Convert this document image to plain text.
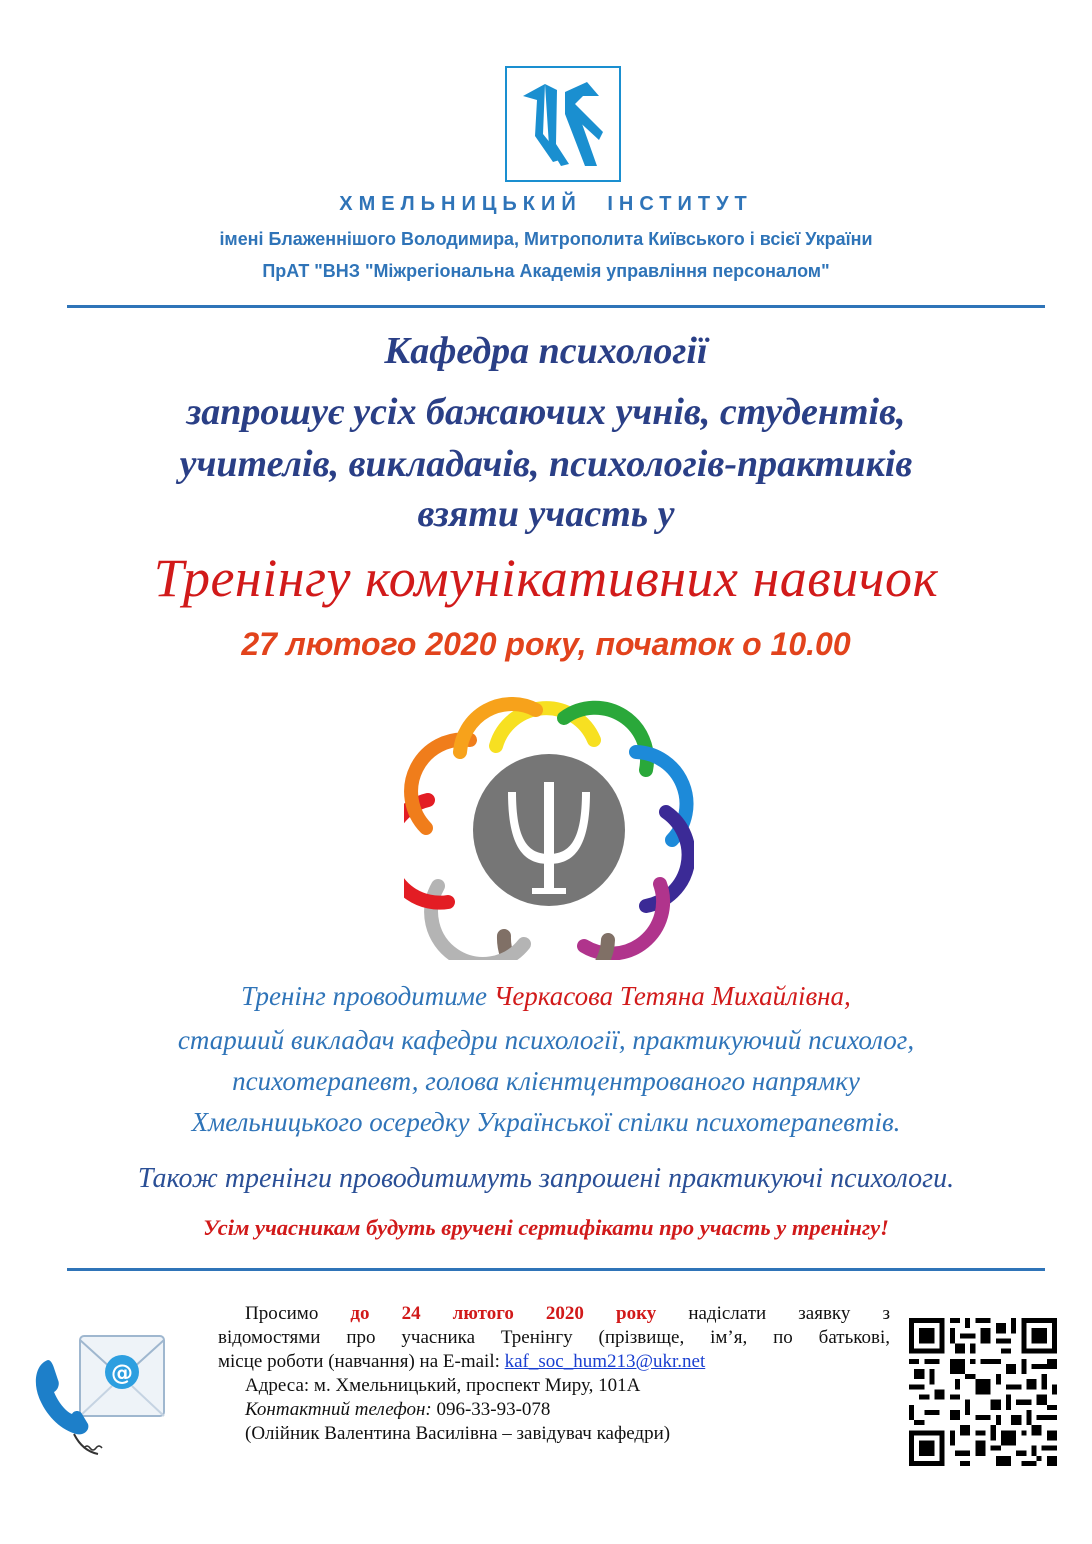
ХМЕЛЬНИЦЬКИЙ ІНСТИТУТ
імені Блаженнішого Володимира, Митрополита Київського і всієї України
ПрАТ "ВНЗ "Міжрегіональна Академія управління персоналом"
Кафедра психології
запрошує усіх бажаючих учнів, студентів,
учителів, викладачів, психологів-практиків
взяти участь у
Тренінгу комунікативних навичок
27 лютого 2020 року, початок о 10.00
Тренінг проводитиме Черкасова Тетяна Михайлівна,
старший викладач кафедри психології, практикуючий психолог,
психотерапевт, голова клієнтцентрованого напрямку
Хмельницького осередку Української спілки психотерапевтів.
Також тренінги проводитимуть запрошені практикуючі психологи.
Усім учасникам будуть вручені сертифікати про участь у тренінгу!
@
Просимо до 24 лютого 2020 року надіслати заявку з
відомостями про учасника Тренінгу (прізвище, ім’я, по батькові,
місце роботи (навчання) на E-mail: kaf_soc_hum213@ukr.net
Адреса: м. Хмельницький, проспект Миру, 101А
Контактний телефон: 096-33-93-078
(Олійник Валентина Василівна – завідувач кафедри)
